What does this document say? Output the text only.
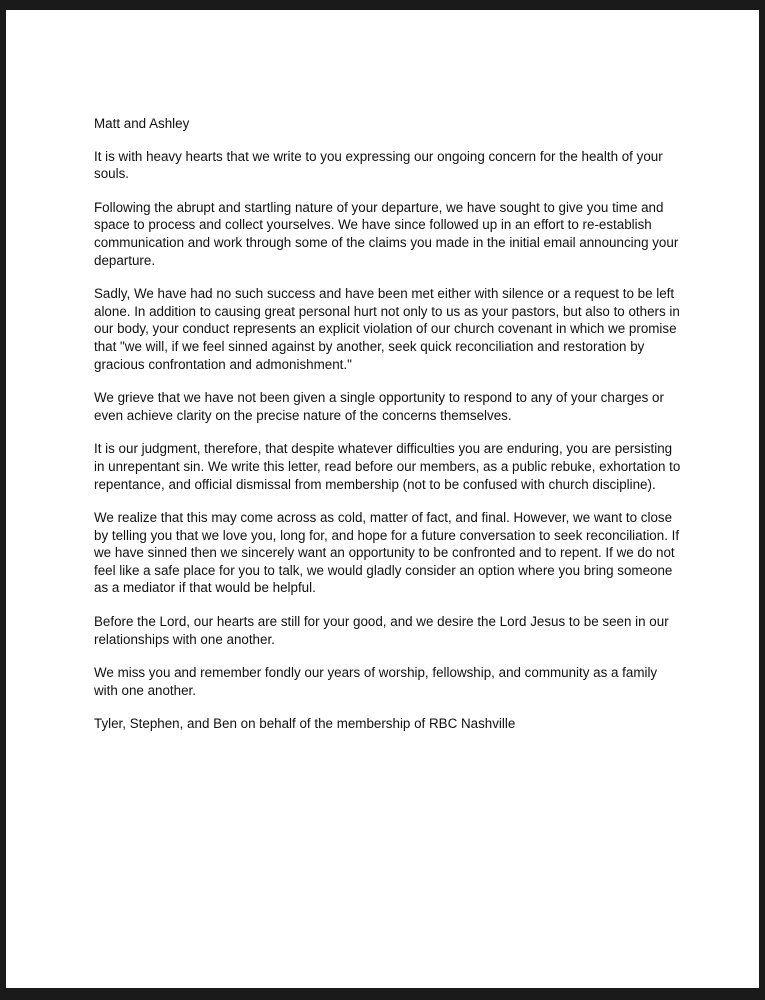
Matt and Ashley

It is with heavy hearts that we write to you expressing our ongoing concern for the health of your souls.

Following the abrupt and startling nature of your departure, we have sought to give you time and space to process and collect yourselves. We have since followed up in an effort to re-establish communication and work through some of the claims you made in the initial email announcing your departure.

Sadly, We have had no such success and have been met either with silence or a request to be left alone. In addition to causing great personal hurt not only to us as your pastors, but also to others in our body, your conduct represents an explicit violation of our church covenant in which we promise that "we will, if we feel sinned against by another, seek quick reconciliation and restoration by gracious confrontation and admonishment."

We grieve that we have not been given a single opportunity to respond to any of your charges or even achieve clarity on the precise nature of the concerns themselves.

It is our judgment, therefore, that despite whatever difficulties you are enduring, you are persisting in unrepentant sin. We write this letter, read before our members, as a public rebuke, exhortation to repentance, and official dismissal from membership (not to be confused with church discipline).

We realize that this may come across as cold, matter of fact, and final. However, we want to close by telling you that we love you, long for, and hope for a future conversation to seek reconciliation. If we have sinned then we sincerely want an opportunity to be confronted and to repent. If we do not feel like a safe place for you to talk, we would gladly consider an option where you bring someone as a mediator if that would be helpful.

Before the Lord, our hearts are still for your good, and we desire the Lord Jesus to be seen in our relationships with one another.

We miss you and remember fondly our years of worship, fellowship, and community as a family with one another.

Tyler, Stephen, and Ben on behalf of the membership of RBC Nashville
